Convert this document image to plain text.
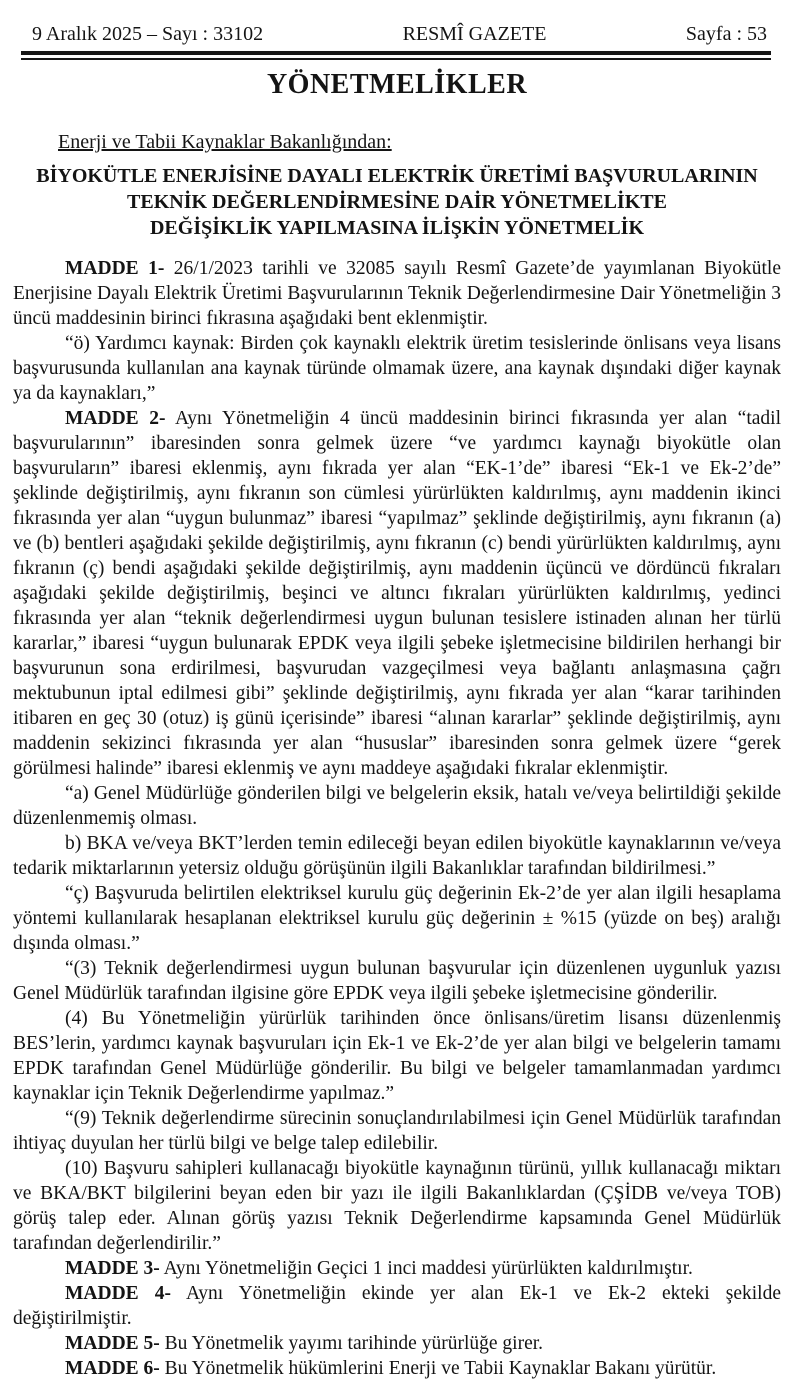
9 Aralık 2025 – Sayı : 33102	RESMÎ GAZETE	Sayfa : 53
YÖNETMELİKLER
Enerji ve Tabii Kaynaklar Bakanlığından:
BİYOKÜTLE ENERJİSİNE DAYALI ELEKTRİK ÜRETİMİ BAŞVURULARININ
TEKNİK DEĞERLENDİRMESİNE DAİR YÖNETMELİKTE
DEĞİŞİKLİK YAPILMASINA İLİŞKİN YÖNETMELİK

MADDE 1- 26/1/2023 tarihli ve 32085 sayılı Resmî Gazete’de yayımlanan Biyokütle Enerjisine Dayalı Elektrik Üretimi Başvurularının Teknik Değerlendirmesine Dair Yönetmeliğin 3 üncü maddesinin birinci fıkrasına aşağıdaki bent eklenmiştir.

“ö) Yardımcı kaynak: Birden çok kaynaklı elektrik üretim tesislerinde önlisans veya lisans başvurusunda kullanılan ana kaynak türünde olmamak üzere, ana kaynak dışındaki diğer kaynak ya da kaynakları,”

MADDE 2- Aynı Yönetmeliğin 4 üncü maddesinin birinci fıkrasında yer alan “tadil başvurularının” ibaresinden sonra gelmek üzere “ve yardımcı kaynağı biyokütle olan başvuruların” ibaresi eklenmiş, aynı fıkrada yer alan “EK-1’de” ibaresi “Ek-1 ve Ek-2’de” şeklinde değiştirilmiş, aynı fıkranın son cümlesi yürürlükten kaldırılmış, aynı maddenin ikinci fıkrasında yer alan “uygun bulunmaz” ibaresi “yapılmaz” şeklinde değiştirilmiş, aynı fıkranın (a) ve (b) bentleri aşağıdaki şekilde değiştirilmiş, aynı fıkranın (c) bendi yürürlükten kaldırılmış, aynı fıkranın (ç) bendi aşağıdaki şekilde değiştirilmiş, aynı maddenin üçüncü ve dördüncü fıkraları aşağıdaki şekilde değiştirilmiş, beşinci ve altıncı fıkraları yürürlükten kaldırılmış, yedinci fıkrasında yer alan “teknik değerlendirmesi uygun bulunan tesislere istinaden alınan her türlü kararlar,” ibaresi “uygun bulunarak EPDK veya ilgili şebeke işletmecisine bildirilen herhangi bir başvurunun sona erdirilmesi, başvurudan vazgeçilmesi veya bağlantı anlaşmasına çağrı mektubunun iptal edilmesi gibi” şeklinde değiştirilmiş, aynı fıkrada yer alan “karar tarihinden itibaren en geç 30 (otuz) iş günü içerisinde” ibaresi “alınan kararlar” şeklinde değiştirilmiş, aynı maddenin sekizinci fıkrasında yer alan “hususlar” ibaresinden sonra gelmek üzere “gerek görülmesi halinde” ibaresi eklenmiş ve aynı maddeye aşağıdaki fıkralar eklenmiştir.

“a) Genel Müdürlüğe gönderilen bilgi ve belgelerin eksik, hatalı ve/veya belirtildiği şekilde düzenlenmemiş olması.

b) BKA ve/veya BKT’lerden temin edileceği beyan edilen biyokütle kaynaklarının ve/veya tedarik miktarlarının yetersiz olduğu görüşünün ilgili Bakanlıklar tarafından bildirilmesi.”

“ç) Başvuruda belirtilen elektriksel kurulu güç değerinin Ek-2’de yer alan ilgili hesaplama yöntemi kullanılarak hesaplanan elektriksel kurulu güç değerinin ± %15 (yüzde on beş) aralığı dışında olması.”

“(3) Teknik değerlendirmesi uygun bulunan başvurular için düzenlenen uygunluk yazısı Genel Müdürlük tarafından ilgisine göre EPDK veya ilgili şebeke işletmecisine gönderilir.

(4) Bu Yönetmeliğin yürürlük tarihinden önce önlisans/üretim lisansı düzenlenmiş BES’lerin, yardımcı kaynak başvuruları için Ek-1 ve Ek-2’de yer alan bilgi ve belgelerin tamamı EPDK tarafından Genel Müdürlüğe gönderilir. Bu bilgi ve belgeler tamamlanmadan yardımcı kaynaklar için Teknik Değerlendirme yapılmaz.”

“(9) Teknik değerlendirme sürecinin sonuçlandırılabilmesi için Genel Müdürlük tarafından ihtiyaç duyulan her türlü bilgi ve belge talep edilebilir.

(10) Başvuru sahipleri kullanacağı biyokütle kaynağının türünü, yıllık kullanacağı miktarı ve BKA/BKT bilgilerini beyan eden bir yazı ile ilgili Bakanlıklardan (ÇŞİDB ve/veya TOB) görüş talep eder. Alınan görüş yazısı Teknik Değerlendirme kapsamında Genel Müdürlük tarafından değerlendirilir.”

MADDE 3- Aynı Yönetmeliğin Geçici 1 inci maddesi yürürlükten kaldırılmıştır.

MADDE 4- Aynı Yönetmeliğin ekinde yer alan Ek-1 ve Ek-2 ekteki şekilde değiştirilmiştir.

MADDE 5- Bu Yönetmelik yayımı tarihinde yürürlüğe girer.

MADDE 6- Bu Yönetmelik hükümlerini Enerji ve Tabii Kaynaklar Bakanı yürütür.
